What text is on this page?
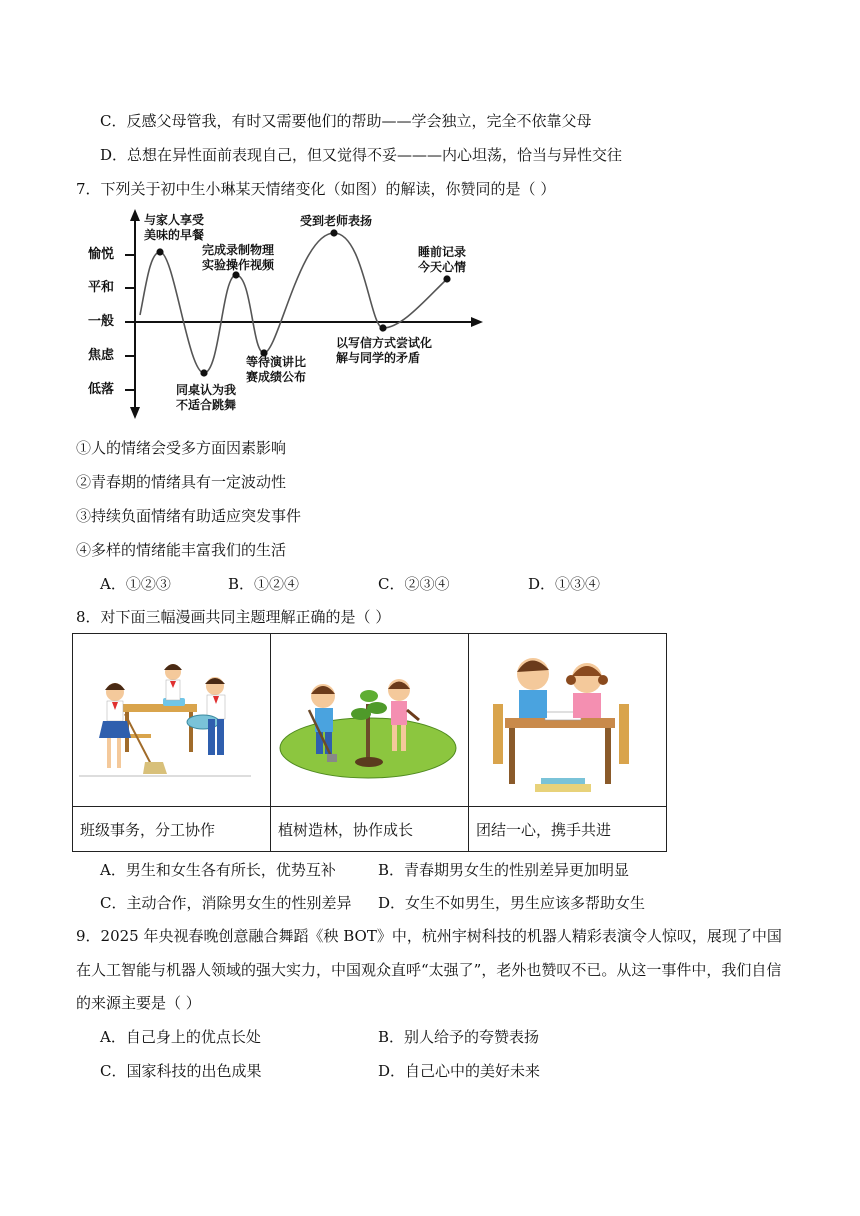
C．反感父母管我，有时又需要他们的帮助——学会独立，完全不依靠父母
D．总想在异性面前表现自己，但又觉得不妥———内心坦荡，恰当与异性交往
7．下列关于初中生小琳某天情绪变化（如图）的解读，你赞同的是（ ）
愉悦
平和
一般
焦虑
低落
与家人享受
美味的早餐
同桌认为我
不适合跳舞
完成录制物理
实验操作视频
等待演讲比
赛成绩公布
受到老师表扬
以写信方式尝试化
解与同学的矛盾
睡前记录
今天心情
①人的情绪会受多方面因素影响
②青春期的情绪具有一定波动性
③持续负面情绪有助适应突发事件
④多样的情绪能丰富我们的生活
A．①②③	B．①②④	C．②③④	D．①③④
8．对下面三幅漫画共同主题理解正确的是（ ）

班级事务，分工协作	植树造林，协作成长	团结一心，携手共进
A．男生和女生各有所长，优势互补	B．青春期男女生的性别差异更加明显
C．主动合作，消除男女生的性别差异 D．女生不如男生，男生应该多帮助女生
9．2025 年央视春晚创意融合舞蹈《秧 BOT》中，杭州宇树科技的机器人精彩表演令人惊叹，展现了中国
在人工智能与机器人领域的强大实力，中国观众直呼“太强了”，老外也赞叹不已。从这一事件中，我们自信
的来源主要是（ ）
A．自己身上的优点长处	B．别人给予的夸赞表扬
C．国家科技的出色成果	D．自己心中的美好未来
